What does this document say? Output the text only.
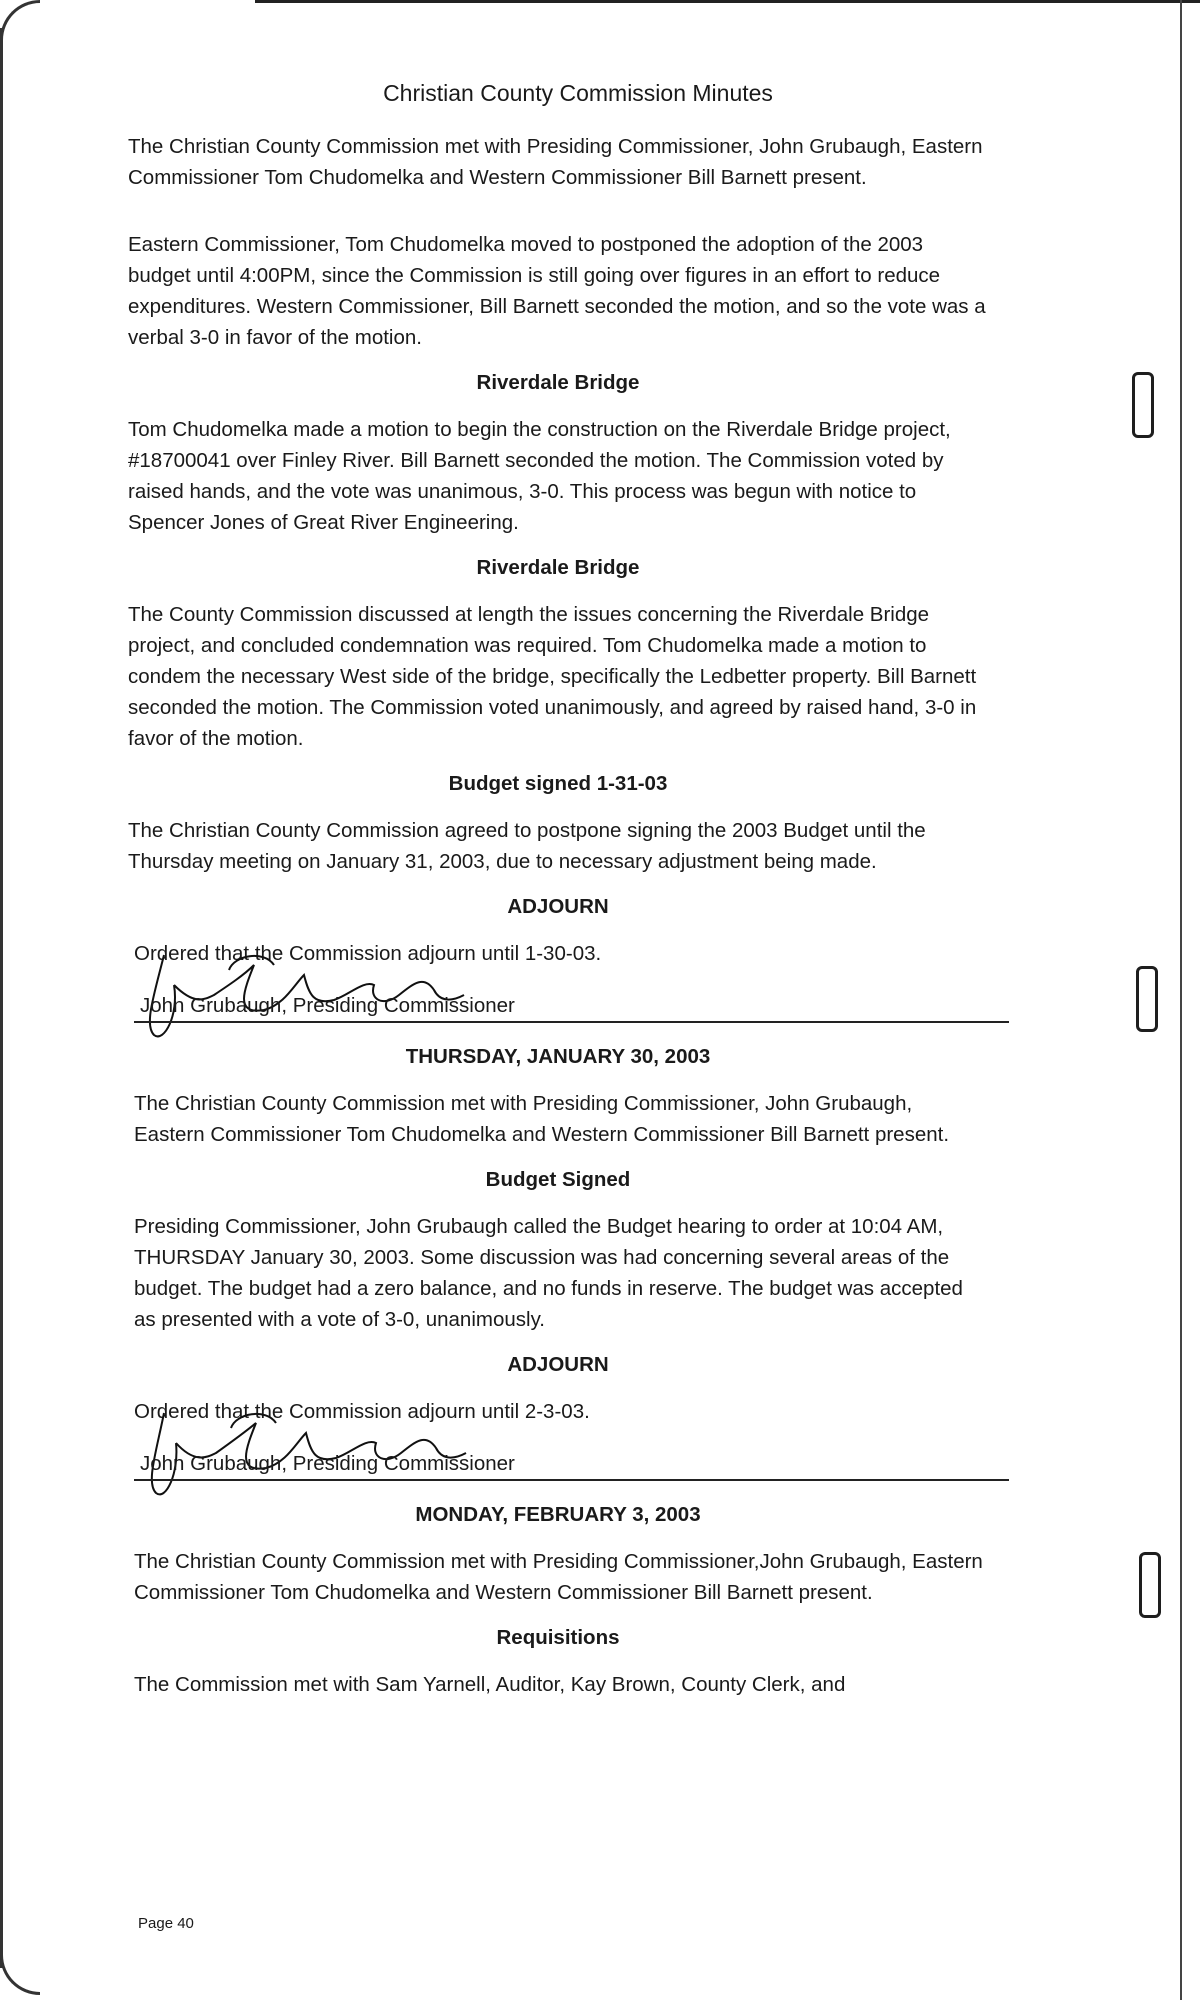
Christian County Commission Minutes

The Christian County Commission met with Presiding Commissioner, John Grubaugh, Eastern Commissioner Tom Chudomelka and Western Commissioner Bill Barnett present.

Eastern Commissioner, Tom Chudomelka moved to postponed the adoption of the 2003 budget until 4:00PM, since the Commission is still going over figures in an effort to reduce expenditures. Western Commissioner, Bill Barnett seconded the motion, and so the vote was a verbal 3-0 in favor of the motion.

Riverdale Bridge

Tom Chudomelka made a motion to begin the construction on the Riverdale Bridge project, #18700041 over Finley River. Bill Barnett seconded the motion. The Commission voted by raised hands, and the vote was unanimous, 3-0. This process was begun with notice to Spencer Jones of Great River Engineering.

Riverdale Bridge

The County Commission discussed at length the issues concerning the Riverdale Bridge project, and concluded condemnation was required. Tom Chudomelka made a motion to condem the necessary West side of the bridge, specifically the Ledbetter property. Bill Barnett seconded the motion. The Commission voted unanimously, and agreed by raised hand, 3-0 in favor of the motion.

Budget signed 1-31-03

The Christian County Commission agreed to postpone signing the 2003 Budget until the Thursday meeting on January 31, 2003, due to necessary adjustment being made.

ADJOURN

Ordered that the Commission adjourn until 1-30-03.

John Grubaugh, Presiding Commissioner
THURSDAY, JANUARY 30, 2003

The Christian County Commission met with Presiding Commissioner, John Grubaugh, Eastern Commissioner Tom Chudomelka and Western Commissioner Bill Barnett present.

Budget Signed

Presiding Commissioner, John Grubaugh called the Budget hearing to order at 10:04 AM, THURSDAY January 30, 2003. Some discussion was had concerning several areas of the budget. The budget had a zero balance, and no funds in reserve. The budget was accepted as presented with a vote of 3-0, unanimously.

ADJOURN

Ordered that the Commission adjourn until 2-3-03.

John Grubaugh, Presiding Commissioner
MONDAY, FEBRUARY 3, 2003

The Christian County Commission met with Presiding Commissioner,John Grubaugh, Eastern Commissioner Tom Chudomelka and Western Commissioner Bill Barnett present.

Requisitions

The Commission met with Sam Yarnell, Auditor, Kay Brown, County Clerk, and

Page 40
